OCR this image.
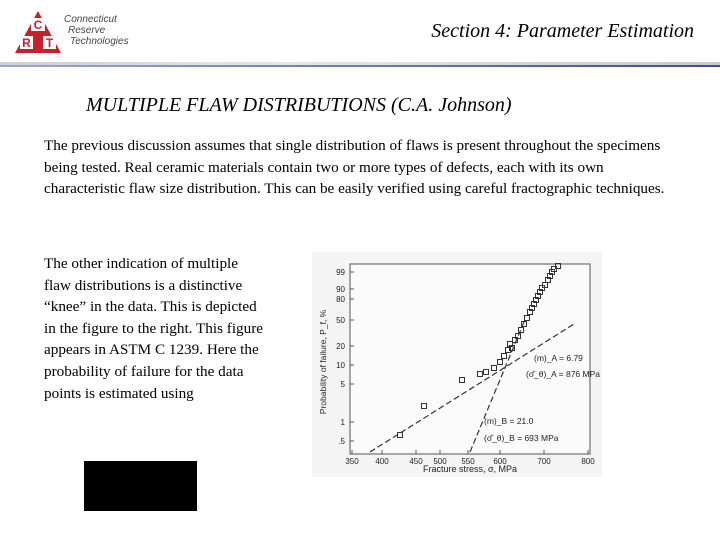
C
R T
Connecticut
Reserve
Technologies	Section 4: Parameter Estimation
MULTIPLE FLAW DISTRIBUTIONS (C.A. Johnson)
The previous discussion assumes that single distribution of flaws is present throughout the specimens being tested. Real ceramic materials contain two or more types of defects, each with its own characteristic flaw size distribution. This can be easily verified using careful fractographic techniques.
The other indication of multiple flaw distributions is a distinctive “knee” in the data. This is depicted in the figure to the right. This figure appears in ASTM C 1239. Here the probability of failure for the data points is estimated using
99
90
80
50
20
10
5
1
.5
350 400	450 500 550 600	700	800
(m)_A = 6.79
(σ̂_θ)_A = 876 MPa
(m)_B = 21.0
(σ̂_θ)_B = 693 MPa
Fracture stress, σ, MPa
Probability of failure, P_f, %
